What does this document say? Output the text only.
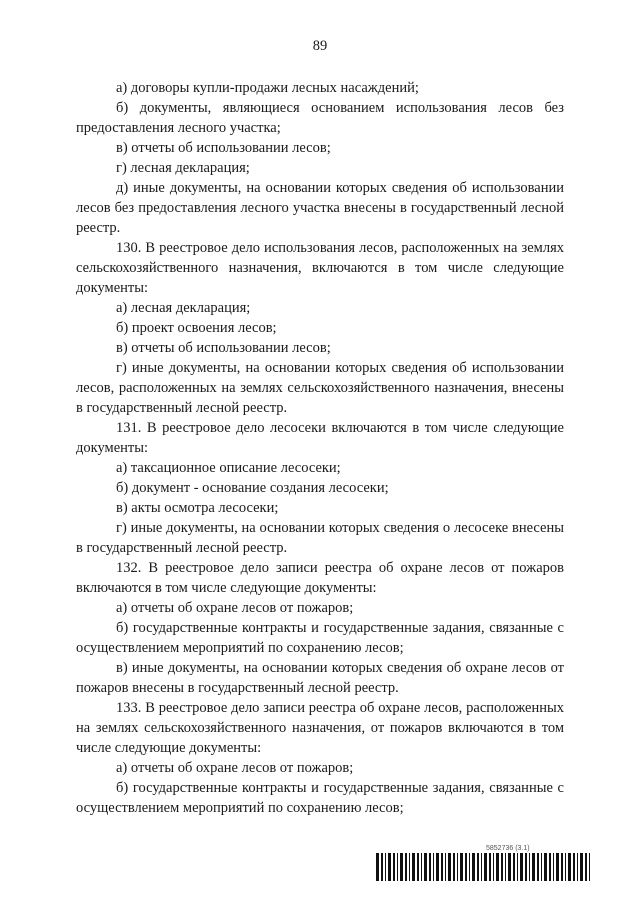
89

а) договоры купли-продажи лесных насаждений;

б) документы, являющиеся основанием использования лесов без предоставления лесного участка;

в) отчеты об использовании лесов;

г) лесная декларация;

д) иные документы, на основании которых сведения об использовании лесов без предоставления лесного участка внесены в государственный лесной реестр.

130. В реестровое дело использования лесов, расположенных на землях сельскохозяйственного назначения, включаются в том числе следующие документы:

а) лесная декларация;

б) проект освоения лесов;

в) отчеты об использовании лесов;

г) иные документы, на основании которых сведения об использовании лесов, расположенных на землях сельскохозяйственного назначения, внесены в государственный лесной реестр.

131. В реестровое дело лесосеки включаются в том числе следующие документы:

а) таксационное описание лесосеки;

б) документ - основание создания лесосеки;

в) акты осмотра лесосеки;

г) иные документы, на основании которых сведения о лесосеке внесены в государственный лесной реестр.

132. В реестровое дело записи реестра об охране лесов от пожаров включаются в том числе следующие документы:

а) отчеты об охране лесов от пожаров;

б) государственные контракты и государственные задания, связанные с осуществлением мероприятий по сохранению лесов;

в) иные документы, на основании которых сведения об охране лесов от пожаров внесены в государственный лесной реестр.

133. В реестровое дело записи реестра об охране лесов, расположенных на землях сельскохозяйственного назначения, от пожаров включаются в том числе следующие документы:

а) отчеты об охране лесов от пожаров;

б) государственные контракты и государственные задания, связанные с осуществлением мероприятий по сохранению лесов;

5852736 (3.1)
